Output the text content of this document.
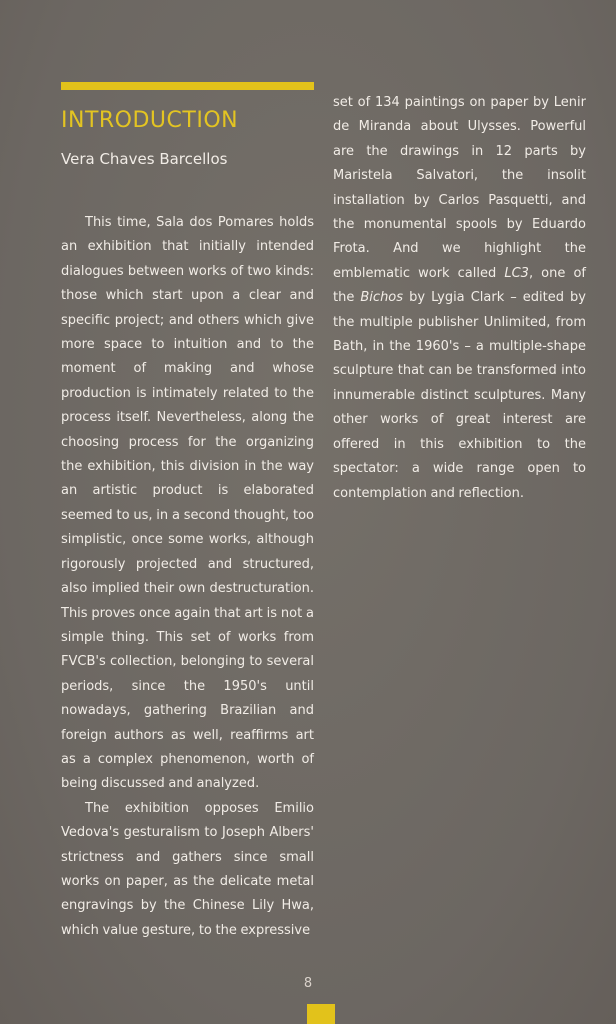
INTRODUCTION
Vera Chaves Barcellos

This time, Sala dos Pomares holds an exhibition that initially intended dialogues between works of two kinds: those which start upon a clear and specific project; and others which give more space to intuition and to the moment of making and whose production is intimately related to the process itself. Nevertheless, along the choosing process for the organizing the exhibition, this division in the way an artistic product is elaborated seemed to us, in a second thought, too simplistic, once some works, although rigorously projected and structured, also implied their own destructuration. This proves once again that art is not a simple thing. This set of works from FVCB's collection, belonging to several periods, since the 1950's until nowadays, gathering Brazilian and foreign authors as well, reaffirms art as a complex phenomenon, worth of being discussed and analyzed.

The exhibition opposes Emilio Vedova's gesturalism to Joseph Albers' strictness and gathers since small works on paper, as the delicate metal engravings by the Chinese Lily Hwa, which value gesture, to the expressive

set of 134 paintings on paper by Lenir de Miranda about Ulysses. Powerful are the drawings in 12 parts by Maristela Salvatori, the insolit installation by Carlos Pasquetti, and the monumental spools by Eduardo Frota. And we highlight the emblematic work called LC3, one of the Bichos by Lygia Clark – edited by the multiple publisher Unlimited, from Bath, in the 1960's – a multiple-shape sculpture that can be transformed into innumerable distinct sculptures. Many other works of great interest are offered in this exhibition to the spectator: a wide range open to contemplation and reflection.

8
